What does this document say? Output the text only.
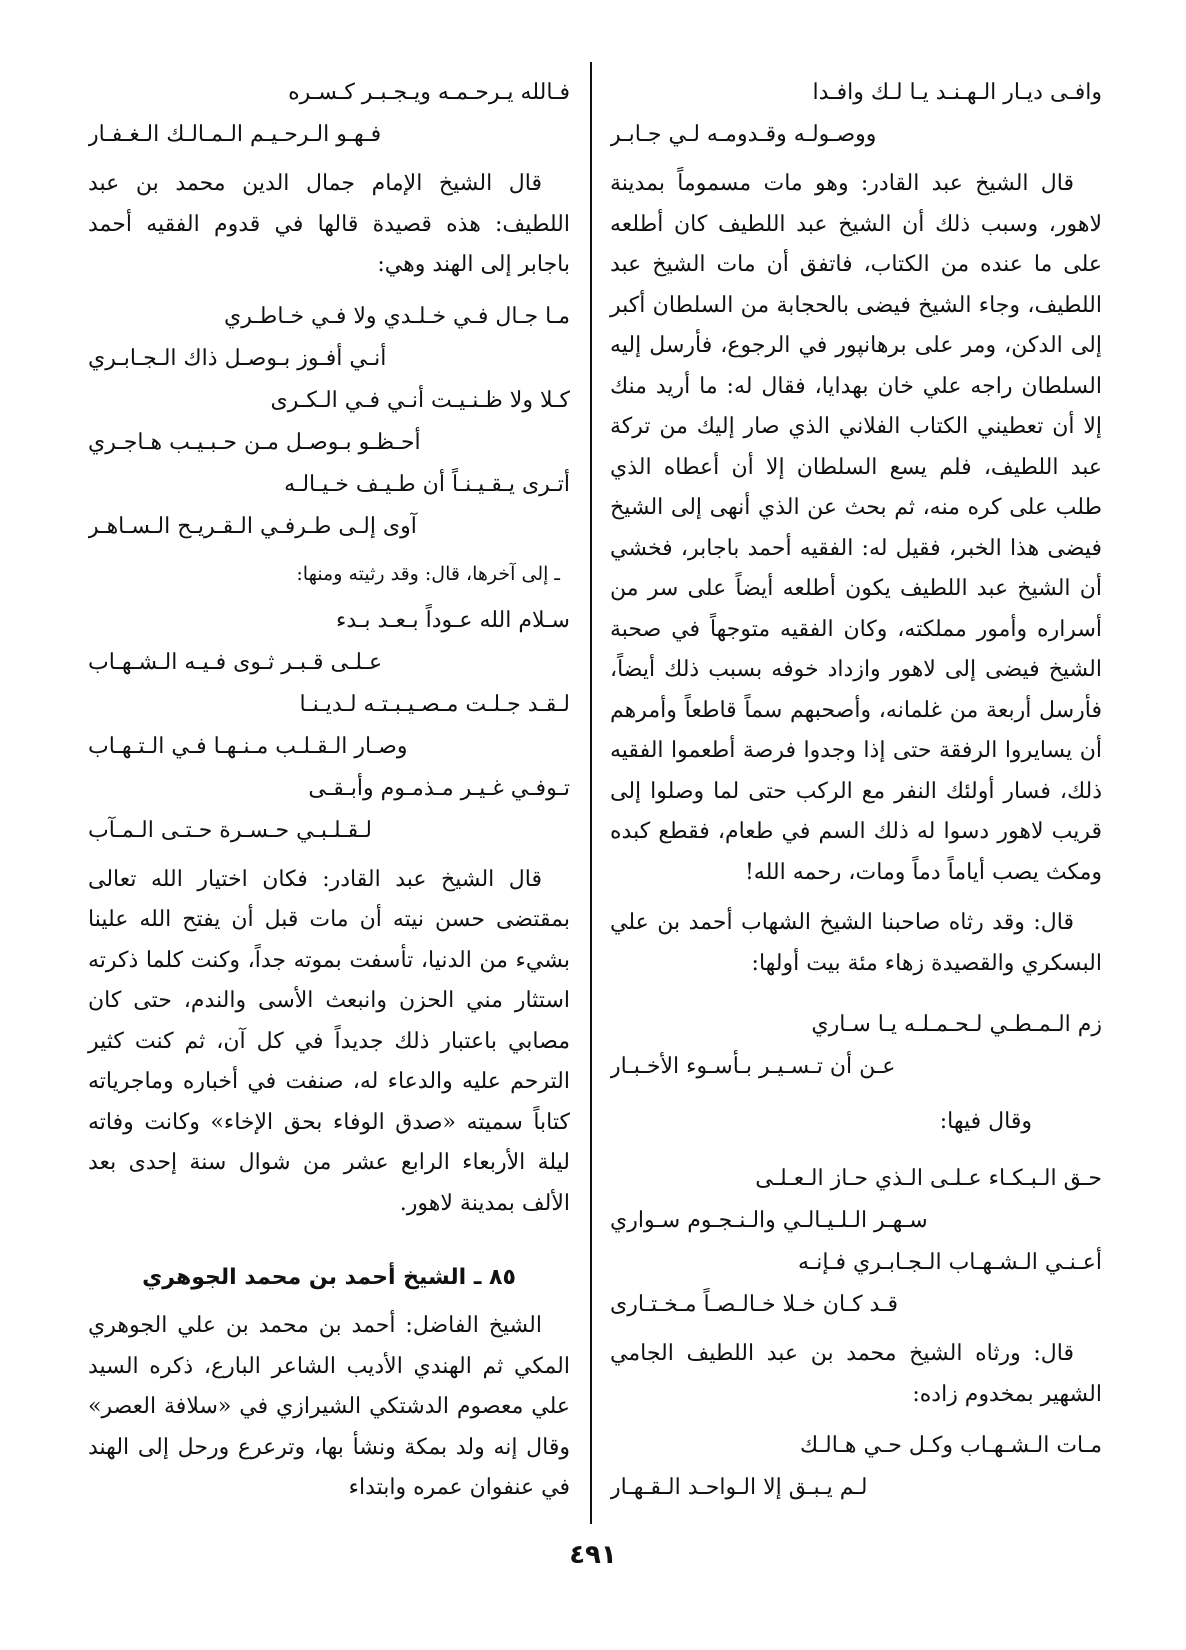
وافـى ديـار الـهـنـد يـا لـك وافـدا
ووصـولـه وقـدومـه لـي جـابـر

قال الشيخ عبد القادر: وهو مات مسموماً بمدينة لاهور، وسبب ذلك أن الشيخ عبد اللطيف كان أطلعه على ما عنده من الكتاب، فاتفق أن مات الشيخ عبد اللطيف، وجاء الشيخ فيضى بالحجابة من السلطان أكبر إلى الدكن، ومر على برهانپور في الرجوع، فأرسل إليه السلطان راجه علي خان بهدايا، فقال له: ما أريد منك إلا أن تعطيني الكتاب الفلاني الذي صار إليك من تركة عبد اللطيف، فلم يسع السلطان إلا أن أعطاه الذي طلب على كره منه، ثم بحث عن الذي أنهى إلى الشيخ فيضى هذا الخبر، فقيل له: الفقيه أحمد باجابر، فخشي أن الشيخ عبد اللطيف يكون أطلعه أيضاً على سر من أسراره وأمور مملكته، وكان الفقيه متوجهاً في صحبة الشيخ فيضى إلى لاهور وازداد خوفه بسبب ذلك أيضاً، فأرسل أربعة من غلمانه، وأصحبهم سماً قاطعاً وأمرهم أن يسايروا الرفقة حتى إذا وجدوا فرصة أطعموا الفقيه ذلك، فسار أولئك النفر مع الركب حتى لما وصلوا إلى قريب لاهور دسوا له ذلك السم في طعام، فقطع كبده ومكث يصب أياماً دماً ومات، رحمه الله!

قال: وقد رثاه صاحبنا الشيخ الشهاب أحمد بن علي البسكري والقصيدة زهاء مئة بيت أولها:

زم الـمـطـي لـحـمـلـه يـا سـاري
عـن أن تـسـيـر بـأسـوء الأخـبـار
وقال فيها:
حـق الـبـكـاء عـلـى الـذي حـاز الـعـلـى
سـهـر الـلـيـالـي والـنـجـوم سـواري
أعـنـي الـشـهـاب الـجـابـري فـإنـه
قـد كـان خـلا خـالـصـاً مـخـتـارى

قال: ورثاه الشيخ محمد بن عبد اللطيف الجامي الشهير بمخدوم زاده:

مـات الـشـهـاب وكـل حـي هـالـك
لـم يـبـق إلا الـواحـد الـقـهـار
فـالله يـرحـمـه ويـجـبـر كـسـره
فـهـو الـرحـيـم الـمـالـك الـغـفـار

قال الشيخ الإمام جمال الدين محمد بن عبد اللطيف: هذه قصيدة قالها في قدوم الفقيه أحمد باجابر إلى الهند وهي:

مـا جـال فـي خـلـدي ولا فـي خـاطـري
أنـي أفـوز بـوصـل ذاك الـجـابـري
كـلا ولا ظـنـيـت أنـي فـي الـكـرى
أحـظـو بـوصـل مـن حـبـيـب هـاجـري
أتـرى يـقـيـنـاً أن طـيـف خـيـالـه
آوى إلـى طـرفـي الـقـريـح الـسـاهـر
ـ إلى آخرها، قال: وقد رثيته ومنها:
سـلام الله عـوداً بـعـد بـدء
عـلـى قـبـر ثـوى فـيـه الـشـهـاب
لـقـد جـلـت مـصـيـبـتـه لـديـنـا
وصـار الـقـلـب مـنـهـا فـي الـتـهـاب
تـوفـي غـيـر مـذمـوم وأبـقـى
لـقـلـبـي حـسـرة حـتـى الـمـآب

قال الشيخ عبد القادر: فكان اختيار الله تعالى بمقتضى حسن نيته أن مات قبل أن يفتح الله علينا بشيء من الدنيا، تأسفت بموته جداً، وكنت كلما ذكرته استثار مني الحزن وانبعث الأسى والندم، حتى كان مصابي باعتبار ذلك جديداً في كل آن، ثم كنت كثير الترحم عليه والدعاء له، صنفت في أخباره وماجرياته كتاباً سميته «صدق الوفاء بحق الإخاء» وكانت وفاته ليلة الأربعاء الرابع عشر من شوال سنة إحدى بعد الألف بمدينة لاهور.

٨٥ ـ الشيخ أحمد بن محمد الجوهري

الشيخ الفاضل: أحمد بن محمد بن علي الجوهري المكي ثم الهندي الأديب الشاعر البارع، ذكره السيد علي معصوم الدشتكي الشيرازي في «سلافة العصر» وقال إنه ولد بمكة ونشأ بها، وترعرع ورحل إلى الهند في عنفوان عمره وابتداء

٤٩١
